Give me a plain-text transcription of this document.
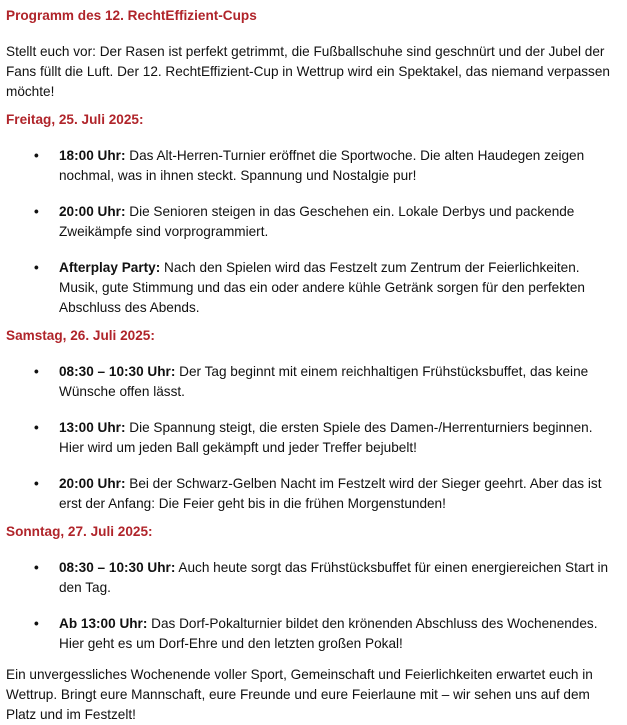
Programm des 12. RechtEffizient-Cups

Stellt euch vor: Der Rasen ist perfekt getrimmt, die Fußballschuhe sind geschnürt und der Jubel der Fans füllt die Luft. Der 12. RechtEffizient-Cup in Wettrup wird ein Spektakel, das niemand verpassen möchte!

Freitag, 25. Juli 2025:
• 18:00 Uhr: Das Alt-Herren-Turnier eröffnet die Sportwoche. Die alten Haudegen zeigen nochmal, was in ihnen steckt. Spannung und Nostalgie pur!
• 20:00 Uhr: Die Senioren steigen in das Geschehen ein. Lokale Derbys und packende Zweikämpfe sind vorprogrammiert.
• Afterplay Party: Nach den Spielen wird das Festzelt zum Zentrum der Feierlichkeiten. Musik, gute Stimmung und das ein oder andere kühle Getränk sorgen für den perfekten Abschluss des Abends.
Samstag, 26. Juli 2025:
• 08:30 – 10:30 Uhr: Der Tag beginnt mit einem reichhaltigen Frühstücksbuffet, das keine Wünsche offen lässt.
• 13:00 Uhr: Die Spannung steigt, die ersten Spiele des Damen-/Herrenturniers beginnen. Hier wird um jeden Ball gekämpft und jeder Treffer bejubelt!
• 20:00 Uhr: Bei der Schwarz-Gelben Nacht im Festzelt wird der Sieger geehrt. Aber das ist erst der Anfang: Die Feier geht bis in die frühen Morgenstunden!
Sonntag, 27. Juli 2025:
• 08:30 – 10:30 Uhr: Auch heute sorgt das Frühstücksbuffet für einen energiereichen Start in den Tag.
• Ab 13:00 Uhr: Das Dorf-Pokalturnier bildet den krönenden Abschluss des Wochenendes. Hier geht es um Dorf-Ehre und den letzten großen Pokal!

Ein unvergessliches Wochenende voller Sport, Gemeinschaft und Feierlichkeiten erwartet euch in Wettrup. Bringt eure Mannschaft, eure Freunde und eure Feierlaune mit – wir sehen uns auf dem Platz und im Festzelt!
